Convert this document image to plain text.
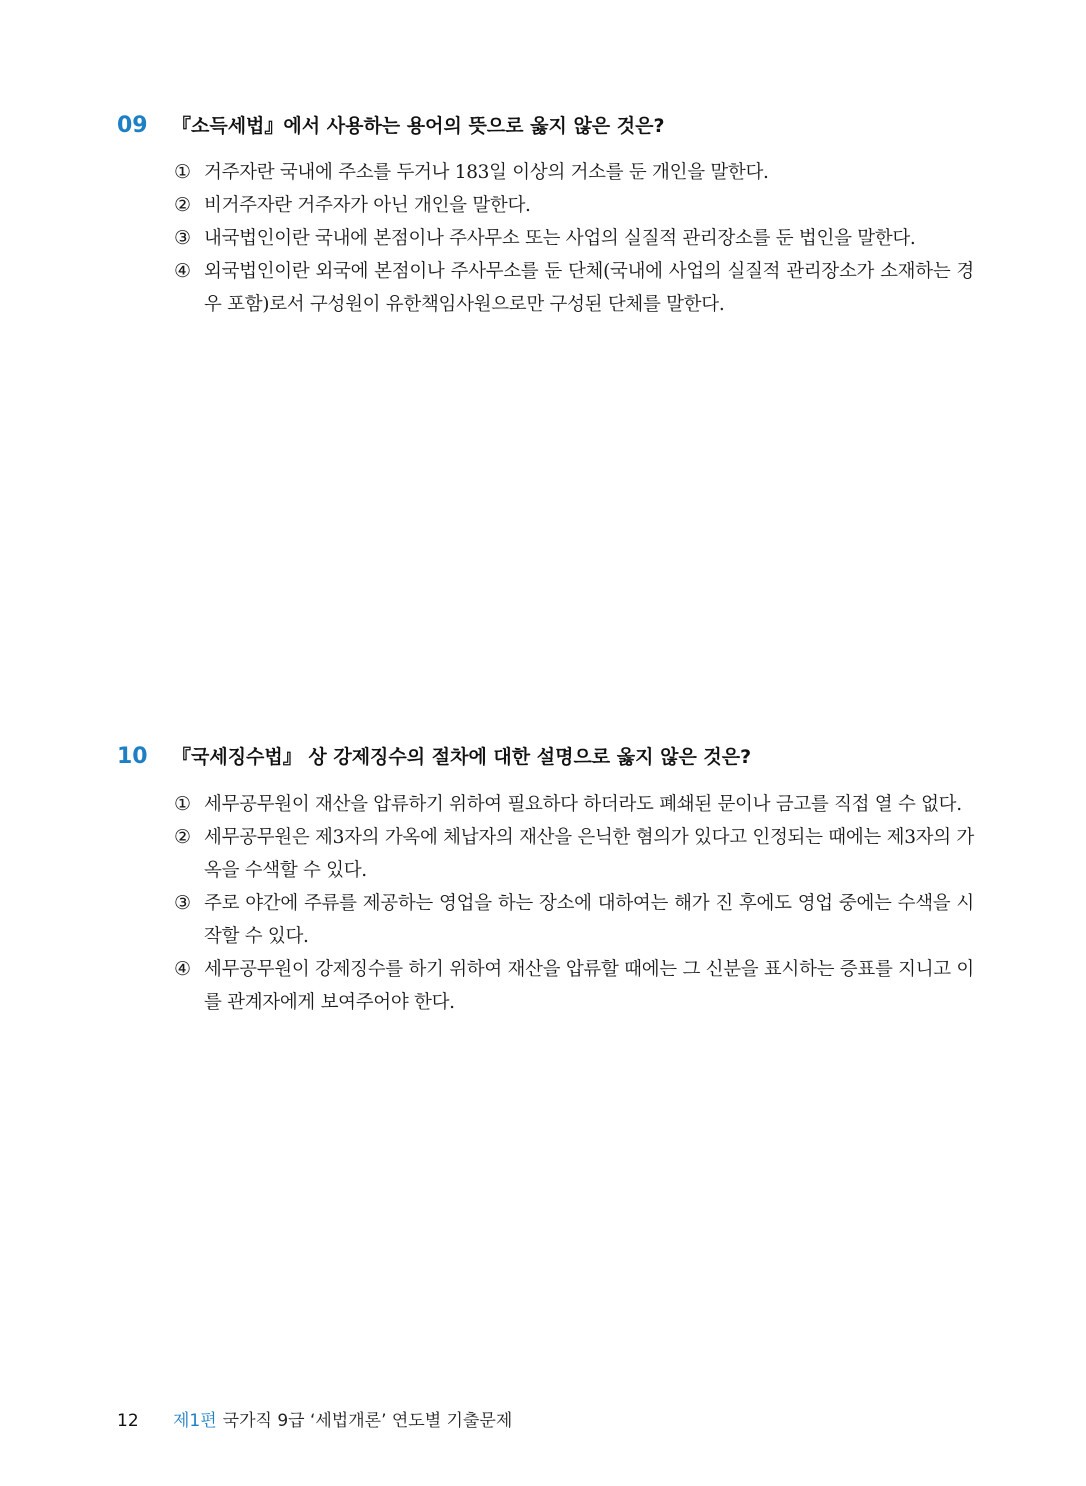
09 『소득세법』에서 사용하는 용어의 뜻으로 옳지 않은 것은?
① 거주자란 국내에 주소를 두거나 183일 이상의 거소를 둔 개인을 말한다.
② 비거주자란 거주자가 아닌 개인을 말한다.
③ 내국법인이란 국내에 본점이나 주사무소 또는 사업의 실질적 관리장소를 둔 법인을 말한다.
④ 외국법인이란 외국에 본점이나 주사무소를 둔 단체(국내에 사업의 실질적 관리장소가 소재하는 경우 포함)로서 구성원이 유한책임사원으로만 구성된 단체를 말한다.
10 『국세징수법』 상 강제징수의 절차에 대한 설명으로 옳지 않은 것은?
① 세무공무원이 재산을 압류하기 위하여 필요하다 하더라도 폐쇄된 문이나 금고를 직접 열 수 없다.
② 세무공무원은 제3자의 가옥에 체납자의 재산을 은닉한 혐의가 있다고 인정되는 때에는 제3자의 가옥을 수색할 수 있다.
③ 주로 야간에 주류를 제공하는 영업을 하는 장소에 대하여는 해가 진 후에도 영업 중에는 수색을 시작할 수 있다.
④ 세무공무원이 강제징수를 하기 위하여 재산을 압류할 때에는 그 신분을 표시하는 증표를 지니고 이를 관계자에게 보여주어야 한다.
12 제1편 국가직 9급 ‘세법개론’ 연도별 기출문제
